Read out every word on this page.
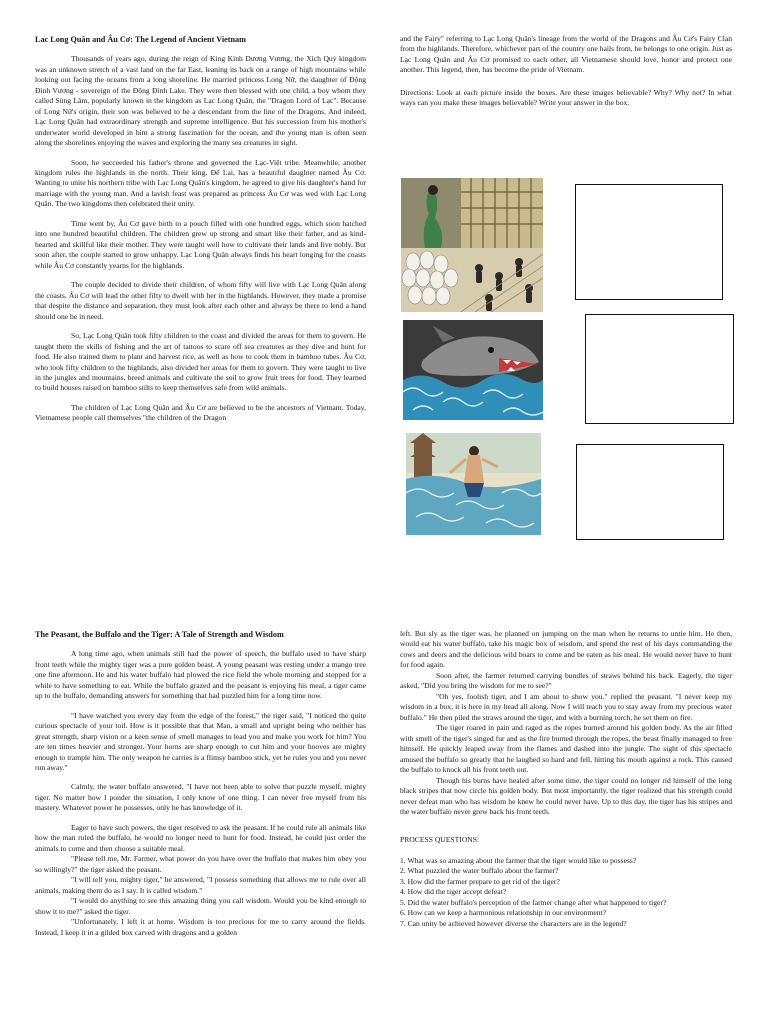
Lac Long Quân and Âu Cơ: The Legend of Ancient Vietnam

Thousands of years ago, during the reign of King Kinh Dương Vương, the Xích Quỷ kingdom was an unknown stretch of a vast land on the far East, leaning its back on a range of high mountains while looking out facing the oceans from a long shoreline. He married princess Long Nữ, the daughter of Động Đình Vương - sovereign of the Động Đình Lake. They were then blessed with one child, a boy whom they called Sùng Lãm, popularly known in the kingdom as Lạc Long Quân, the "Dragon Lord of Lạc". Because of Long Nữ's origin, their son was believed to be a descendant from the line of the Dragons. And indeed, Lạc Long Quân had extraordinary strength and supreme intelligence. But his succession from his mother's underwater world developed in him a strong fascination for the ocean, and the young man is often seen along the shorelines enjoying the waves and exploring the many sea creatures in sight.

Soon, he succeeded his father's throne and governed the Lạc-Việt tribe. Meanwhile, another kingdom rules the highlands in the north. Their king, Đế Lai, has a beautiful daughter named Âu Cơ. Wanting to unite his northern tribe with Lạc Long Quân's kingdom, he agreed to give his daughter's hand for marriage with the young man. And a lavish feast was prepared as princess Âu Cơ was wed with Lạc Long Quân. The two kingdoms then celebrated their unity.

Time went by, Âu Cơ gave birth to a pouch filled with one hundred eggs, which soon hatched into one hundred beautiful children. The children grew up strong and smart like their father, and as kind-hearted and skillful like their mother. They were taught well how to cultivate their lands and live nobly. But soon after, the couple started to grow unhappy. Lạc Long Quân always finds his heart longing for the coasts while Âu Cơ constantly yearns for the highlands.

The couple decided to divide their children, of whom fifty will live with Lạc Long Quân along the coasts. Âu Cơ will lead the other fifty to dwell with her in the highlands. However, they made a promise that despite the distance and separation, they must look after each other and always be there to lend a hand should one be in need.

So, Lạc Long Quân took fifty children to the coast and divided the areas for them to govern. He taught them the skills of fishing and the art of tattoos to scare off sea creatures as they dive and hunt for food. He also trained them to plant and harvest rice, as well as how to cook them in bamboo tubes. Âu Cơ, who took fifty children to the highlands, also divided her areas for them to govern. They were taught to live in the jungles and mountains, breed animals and cultivate the soil to grow fruit trees for food. They learned to build houses raised on bamboo stilts to keep themselves safe from wild animals.

The children of Lạc Long Quân and Âu Cơ are believed to be the ancestors of Vietnam. Today, Vietnamese people call themselves "the children of the Dragon

and the Fairy" referring to Lạc Long Quân's lineage from the world of the Dragons and Âu Cơ's Fairy Clan from the highlands. Therefore, whichever part of the country one hails from, he belongs to one origin. Just as Lạc Long Quân and Âu Cơ promised to each other, all Vietnamese should love, honor and protect one another. This legend, then, has become the pride of Vietnam.

Directions: Look at each picture inside the boxes. Are these images believable? Why? Why not? In what ways can you make these images believable? Write your answer in the box.

The Peasant, the Buffalo and the Tiger: A Tale of Strength and Wisdom

A long time ago, when animals still had the power of speech, the buffalo used to have sharp front teeth while the mighty tiger was a pure golden beast. A young peasant was resting under a mango tree one fine afternoon. He and his water buffalo had plowed the rice field the whole morning and stopped for a while to have something to eat. While the buffalo grazed and the peasant is enjoying his meal, a tiger came up to the buffalo, demanding answers for something that had puzzled him for a long time now.

"I have watched you every day from the edge of the forest," the tiger said, "I noticed the quite curious spectacle of your toil. How is it possible that that Man, a small and upright being who neither has great strength, sharp vision or a keen sense of smell manages to lead you and make you work for him? You are ten times heavier and stronger. Your horns are sharp enough to cut him and your hooves are mighty enough to trample him. The only weapon he carries is a flimsy bamboo stick, yet he rules you and you never run away."

Calmly, the water buffalo answered, "I have not been able to solve that puzzle myself, mighty tiger. No matter how I ponder the situation, I only know of one thing. I can never free myself from his mastery. Whatever power he possesses, only he has knowledge of it.

Eager to have such powers, the tiger resolved to ask the peasant. If he could rule all animals like how the man ruled the buffalo, he would no longer need to hunt for food. Instead, he could just order the animals to come and then choose a suitable meal.

"Please tell me, Mr. Farmer, what power do you have over the buffalo that makes him obey you so willingly?" the tiger asked the peasant.

"I will tell you, mighty tiger," he answered, "I possess something that allows me to rule over all animals, making them do as I say. It is called wisdom."

"I would do anything to see this amazing thing you call wisdom. Would you be kind enough to show it to me?" asked the tiger.

"Unfortunately, I left it at home. Wisdom is too precious for me to carry around the fields. Instead, I keep it in a gilded box carved with dragons and a golden

left. But sly as the tiger was, he planned on jumping on the man when he returns to untie him. He then, would eat his water buffalo, take his magic box of wisdom, and spend the rest of his days commanding the cows and deers and the delicious wild boars to come and be eaten as his meal. He would never have to hunt for food again.

Soon after, the farmer returned carrying bundles of straws behind his back. Eagerly, the tiger asked, "Did you bring the wisdom for me to see?"

"Oh yes, foolish tiger, and I am about to show you." replied the peasant. "I never keep my wisdom in a box, it is here in my head all along. Now I will teach you to stay away from my precious water buffalo." He then piled the straws around the tiger, and with a burning torch, he set them on fire.

The tiger roared in pain and raged as the ropes burned around his golden body. As the air filled with smell of the tiger's singed fur and as the fire burned through the ropes, the beast finally managed to free himself. He quickly leaped away from the flames and dashed into the jungle. The sight of this spectacle amused the buffalo so greatly that he laughed so hard and fell, hitting his mouth against a rock. This caused the buffalo to knock all his front teeth out.

Though his burns have healed after some time, the tiger could no longer rid himself of the long black stripes that now circle his golden body. But most importantly, the tiger realized that his strength could never defeat man who has wisdom he knew he could never have. Up to this day, the tiger has his stripes and the water buffalo never grew back his front teeth.

PROCESS QUESTIONS:

1. What was so amazing about the farmer that the tiger would like to possess?
2. What puzzled the water buffalo about the farmer?
3. How did the farmer prepare to get rid of the tiger?
4. How did the tiger accept defeat?
5. Did the water buffalo's perception of the farmer change after what happened to tiger?
6. How can we keep a harmonious relationship in our environment?
7. Can unity be achieved however diverse the characters are in the legend?
